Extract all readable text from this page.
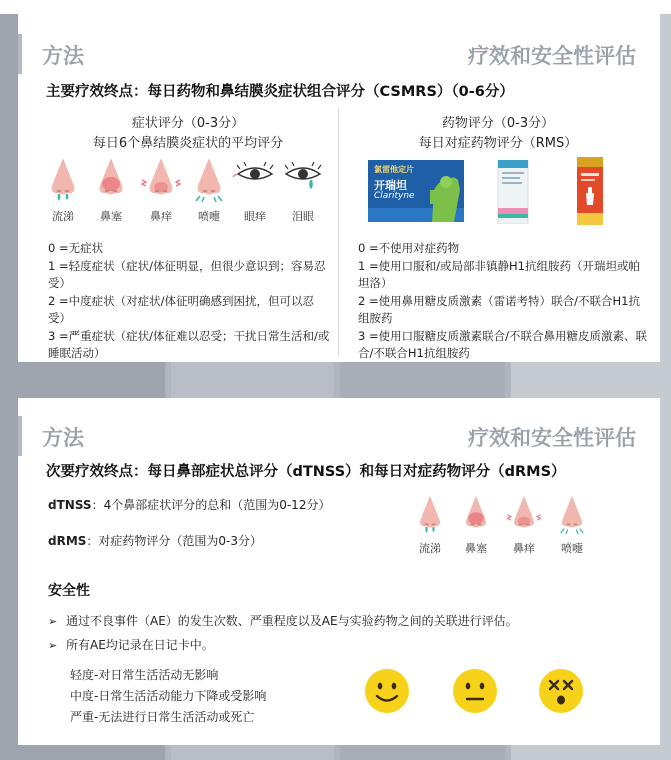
方法	疗效和安全性评估
主要疗效终点：每日药物和鼻结膜炎症状组合评分（CSMRS）（0-6分）
症状评分（0-3分）
每日6个鼻结膜炎症状的平均评分
流涕	鼻塞	鼻痒	喷嚏	眼痒	泪眼

0 =无症状

1 =轻度症状（症状/体征明显，但很少意识到；容易忍受）

2 =中度症状（对症状/体征明确感到困扰，但可以忍受）

3 =严重症状（症状/体征难以忍受；干扰日常生活和/或睡眠活动）

药物评分（0-3分）
每日对症药物评分（RMS）
氯雷他定片
开瑞坦
Clarityne

0 =不使用对症药物

1 =使用口服和/或局部非镇静H1抗组胺药（开瑞坦或帕坦洛）

2 =使用鼻用糖皮质激素（雷诺考特）联合/不联合H1抗组胺药

3 =使用口服糖皮质激素联合/不联合鼻用糖皮质激素、联合/不联合H1抗组胺药

方法	疗效和安全性评估
次要疗效终点：每日鼻部症状总评分（dTNSS）和每日对症药物评分（dRMS）
dTNSS：4个鼻部症状评分的总和（范围为0-12分）
dRMS：对症药物评分（范围为0-3分）
流涕	鼻塞	鼻痒	喷嚏
安全性
➢ 通过不良事件（AE）的发生次数、严重程度以及AE与实验药物之间的关联进行评估。
➢ 所有AE均记录在日记卡中。
轻度-对日常生活活动无影响
中度-日常生活活动能力下降或受影响
严重-无法进行日常生活活动或死亡
